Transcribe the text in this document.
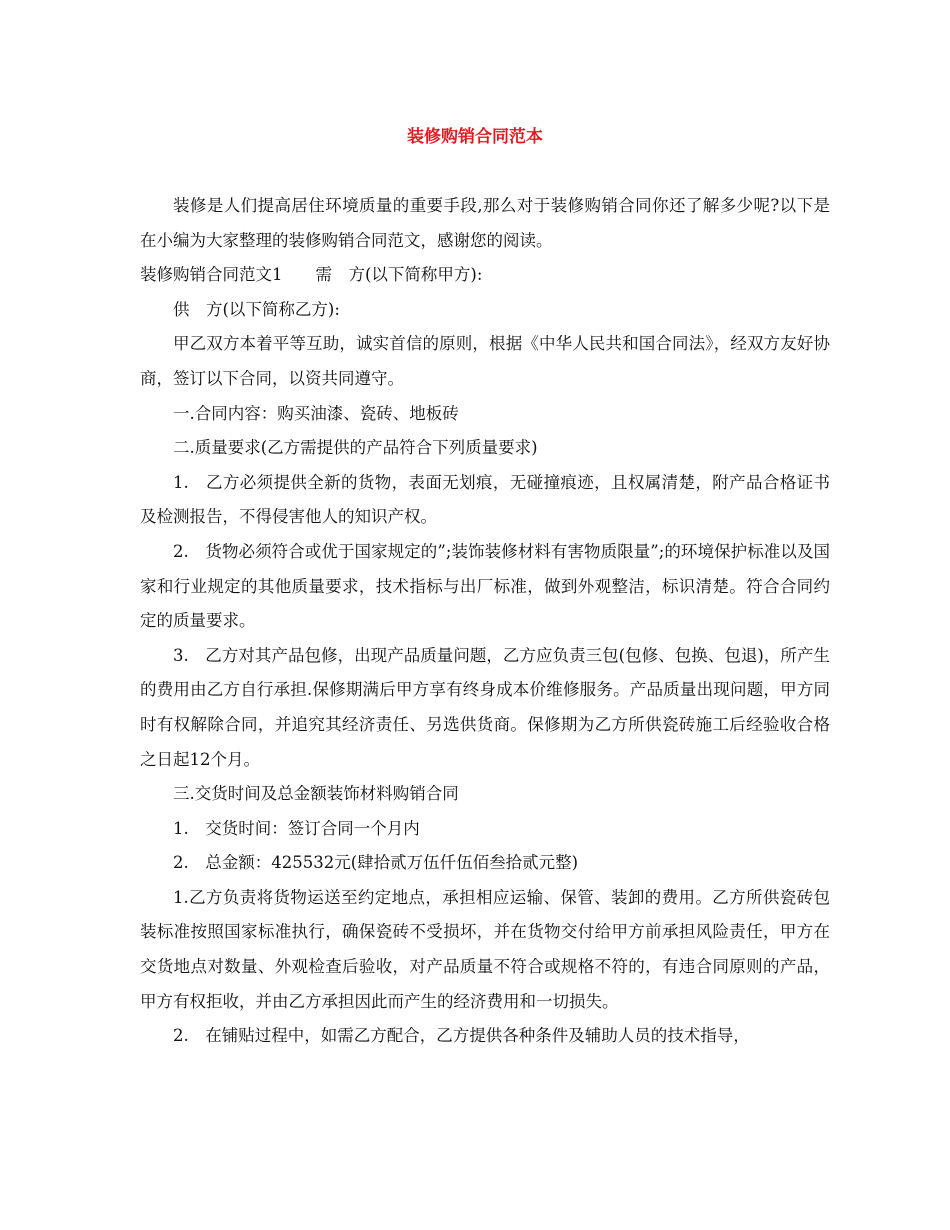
装修购销合同范本

装修是人们提高居住环境质量的重要手段,那么对于装修购销合同你还了解多少呢?以下是在小编为大家整理的装修购销合同范文，感谢您的阅读。

装修购销合同范文1　　需　方(以下简称甲方):

供　方(以下简称乙方):

甲乙双方本着平等互助，诚实首信的原则，根据《中华人民共和国合同法》，经双方友好协商，签订以下合同，以资共同遵守。

一.合同内容：购买油漆、瓷砖、地板砖

二.质量要求(乙方需提供的产品符合下列质量要求)

1.　乙方必须提供全新的货物，表面无划痕，无碰撞痕迹，且权属清楚，附产品合格证书及检测报告，不得侵害他人的知识产权。

2.　货物必须符合或优于国家规定的”;装饰装修材料有害物质限量”;的环境保护标准以及国家和行业规定的其他质量要求，技术指标与出厂标准，做到外观整洁，标识清楚。符合合同约定的质量要求。

3.　乙方对其产品包修，出现产品质量问题，乙方应负责三包(包修、包换、包退)，所产生的费用由乙方自行承担.保修期满后甲方享有终身成本价维修服务。产品质量出现问题，甲方同时有权解除合同，并追究其经济责任、另选供货商。保修期为乙方所供瓷砖施工后经验收合格之日起12个月。

三.交货时间及总金额装饰材料购销合同

1.　交货时间：签订合同一个月内

2.　总金额：425532元(肆拾贰万伍仟伍佰叁拾贰元整)

1.乙方负责将货物运送至约定地点，承担相应运输、保管、装卸的费用。乙方所供瓷砖包装标准按照国家标准执行，确保瓷砖不受损坏，并在货物交付给甲方前承担风险责任，甲方在交货地点对数量、外观检查后验收，对产品质量不符合或规格不符的，有违合同原则的产品，甲方有权拒收，并由乙方承担因此而产生的经济费用和一切损失。

2.　在铺贴过程中，如需乙方配合，乙方提供各种条件及辅助人员的技术指导，
